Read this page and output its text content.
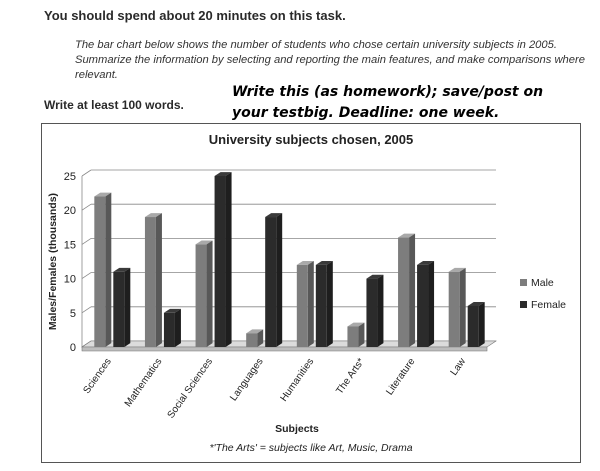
You should spend about 20 minutes on this task.
The bar chart below shows the number of students who chose certain university subjects in 2005. Summarize the information by selecting and reporting the main features, and make comparisons where relevant.
Write at least 100 words.
Write this (as homework); save/post on your testbig. Deadline: one week.
University subjects chosen, 2005
0
5
10
15
20
25
Sciences Mathematics Social Sciences Languages Humanities The Arts* Literature	Law
Males/Females (thousands)
Subjects
Male
Female
*'The Arts' = subjects like Art, Music, Drama
